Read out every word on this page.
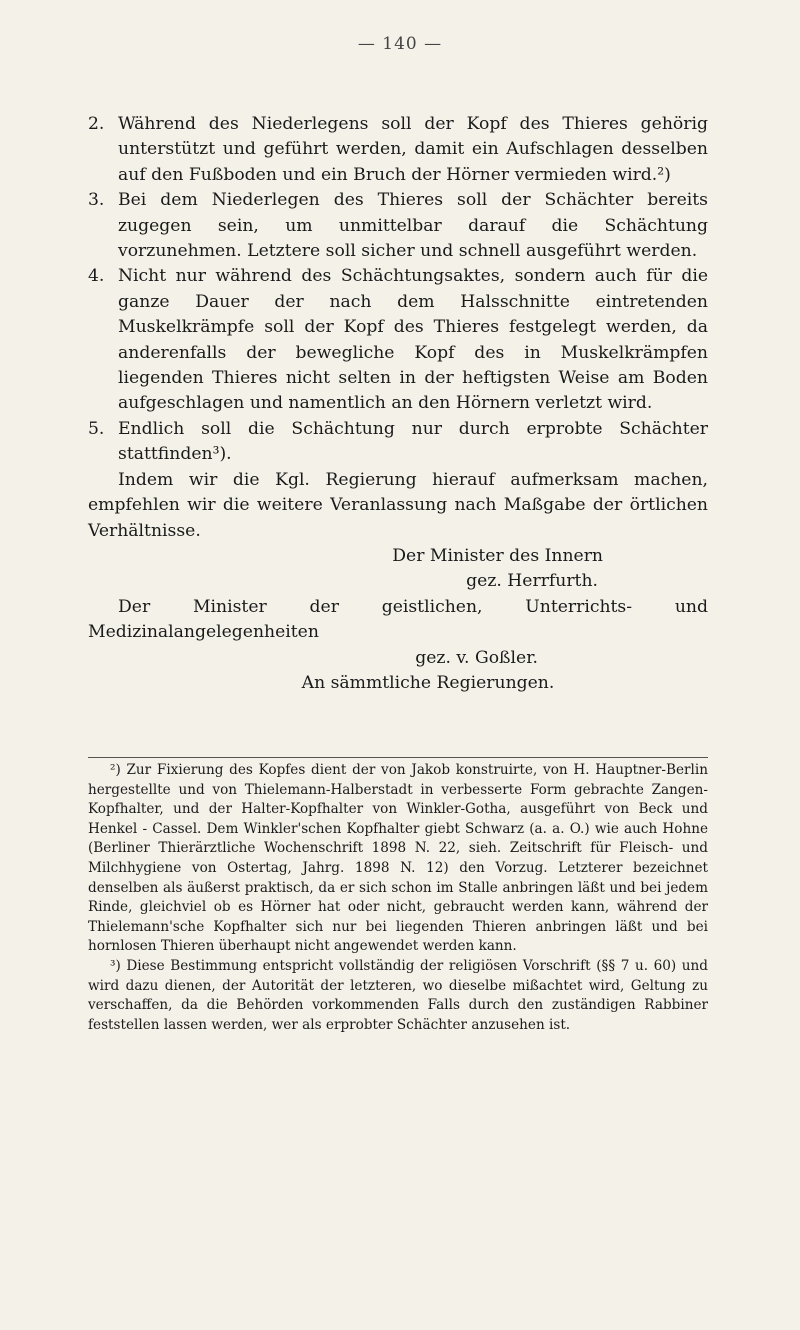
— 140 —
2. Während des Niederlegens soll der Kopf des Thieres gehörig unterstützt und geführt werden, damit ein Aufschlagen desselben auf den Fußboden und ein Bruch der Hörner vermieden wird.²)
3. Bei dem Niederlegen des Thieres soll der Schächter bereits zugegen sein, um unmittelbar darauf die Schächtung vorzunehmen. Letztere soll sicher und schnell ausgeführt werden.
4. Nicht nur während des Schächtungsaktes, sondern auch für die ganze Dauer der nach dem Halsschnitte eintretenden Muskelkrämpfe soll der Kopf des Thieres festgelegt werden, da anderenfalls der bewegliche Kopf des in Muskelkrämpfen liegenden Thieres nicht selten in der heftigsten Weise am Boden aufgeschlagen und namentlich an den Hörnern verletzt wird.
5. Endlich soll die Schächtung nur durch erprobte Schächter stattfinden³).

Indem wir die Kgl. Regierung hierauf aufmerksam machen, empfehlen wir die weitere Veranlassung nach Maßgabe der örtlichen Verhältnisse.

Der Minister des Innern
gez. Herrfurth.

Der Minister der geistlichen, Unterrichts- und Medizinalangelegenheiten
gez. v. Goßler.

An sämmtliche Regierungen.

²) Zur Fixierung des Kopfes dient der von Jakob konstruirte, von H. Hauptner-Berlin hergestellte und von Thielemann-Halberstadt in verbesserte Form gebrachte Zangen-Kopfhalter, und der Halter-Kopfhalter von Winkler-Gotha, ausgeführt von Beck und Henkel - Cassel. Dem Winkler'schen Kopfhalter giebt Schwarz (a. a. O.) wie auch Hohne (Berliner Thierärztliche Wochenschrift 1898 N. 22, sieh. Zeitschrift für Fleisch- und Milchhygiene von Ostertag, Jahrg. 1898 N. 12) den Vorzug. Letzterer bezeichnet denselben als äußerst praktisch, da er sich schon im Stalle anbringen läßt und bei jedem Rinde, gleichviel ob es Hörner hat oder nicht, gebraucht werden kann, während der Thielemann'sche Kopfhalter sich nur bei liegenden Thieren anbringen läßt und bei hornlosen Thieren überhaupt nicht angewendet werden kann.

³) Diese Bestimmung entspricht vollständig der religiösen Vorschrift (§§ 7 u. 60) und wird dazu dienen, der Autorität der letzteren, wo dieselbe mißachtet wird, Geltung zu verschaffen, da die Behörden vorkommenden Falls durch den zuständigen Rabbiner feststellen lassen werden, wer als erprobter Schächter anzusehen ist.
